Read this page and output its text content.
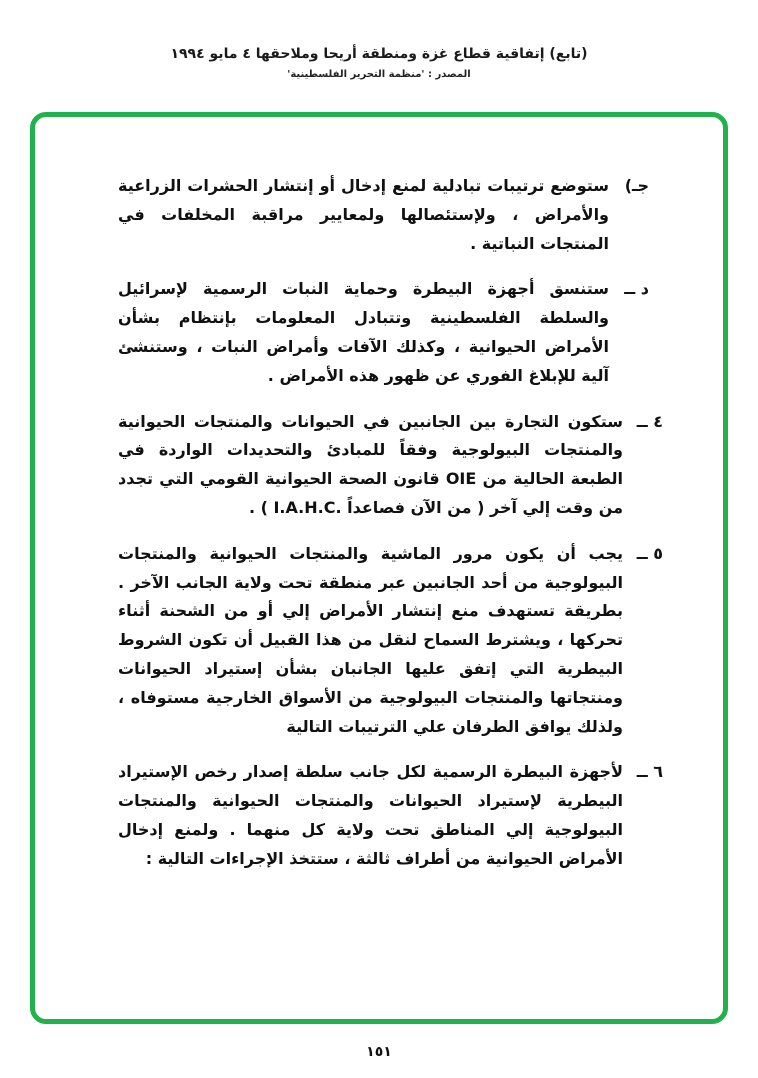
(تابع) إتفاقية قطاع غزة ومنطقة أريحا وملاحقها ٤ مايو ١٩٩٤
المصدر : 'منظمة التحرير الفلسطينية'
جـ)
ستوضع ترتيبات تبادلية لمنع إدخال أو إنتشار الحشرات الزراعية والأمراض ، ولإستئصالها ولمعايير مراقبة المخلفات في المنتجات النباتية .
د ــ
ستنسق أجهزة البيطرة وحماية النبات الرسمية لإسرائيل والسلطة الفلسطينية وتتبادل المعلومات بإنتظام بشأن الأمراض الحيوانية ، وكذلك الآفات وأمراض النبات ، وستنشئ آلية للإبلاغ الفوري عن ظهور هذه الأمراض .
٤ ــ
ستكون التجارة بين الجانبين في الحيوانات والمنتجات الحيوانية والمنتجات البيولوجية وفقاً للمبادئ والتحديدات الواردة في الطبعة الحالية من OIE قانون الصحة الحيوانية القومي التي تجدد من وقت إلي آخر ( من الآن فصاعداً ‏.I.A.H.C‏ ) .
٥ ــ
يجب أن يكون مرور الماشية والمنتجات الحيوانية والمنتجات البيولوجية من أحد الجانبين عبر منطقة تحت ولاية الجانب الآخر . بطريقة تستهدف منع إنتشار الأمراض إلي أو من الشحنة أثناء تحركها ، ويشترط السماح لنقل من هذا القبيل أن تكون الشروط البيطرية التي إتفق عليها الجانبان بشأن إستيراد الحيوانات ومنتجاتها والمنتجات البيولوجية من الأسواق الخارجية مستوفاه ، ولذلك يوافق الطرفان علي الترتيبات التالية
٦ ــ
لأجهزة البيطرة الرسمية لكل جانب سلطة إصدار رخص الإستيراد البيطرية لإستيراد الحيوانات والمنتجات الحيوانية والمنتجات البيولوجية إلي المناطق تحت ولاية كل منهما . ولمنع إدخال الأمراض الحيوانية من أطراف ثالثة ، ستتخذ الإجراءات التالية :
١٥١
